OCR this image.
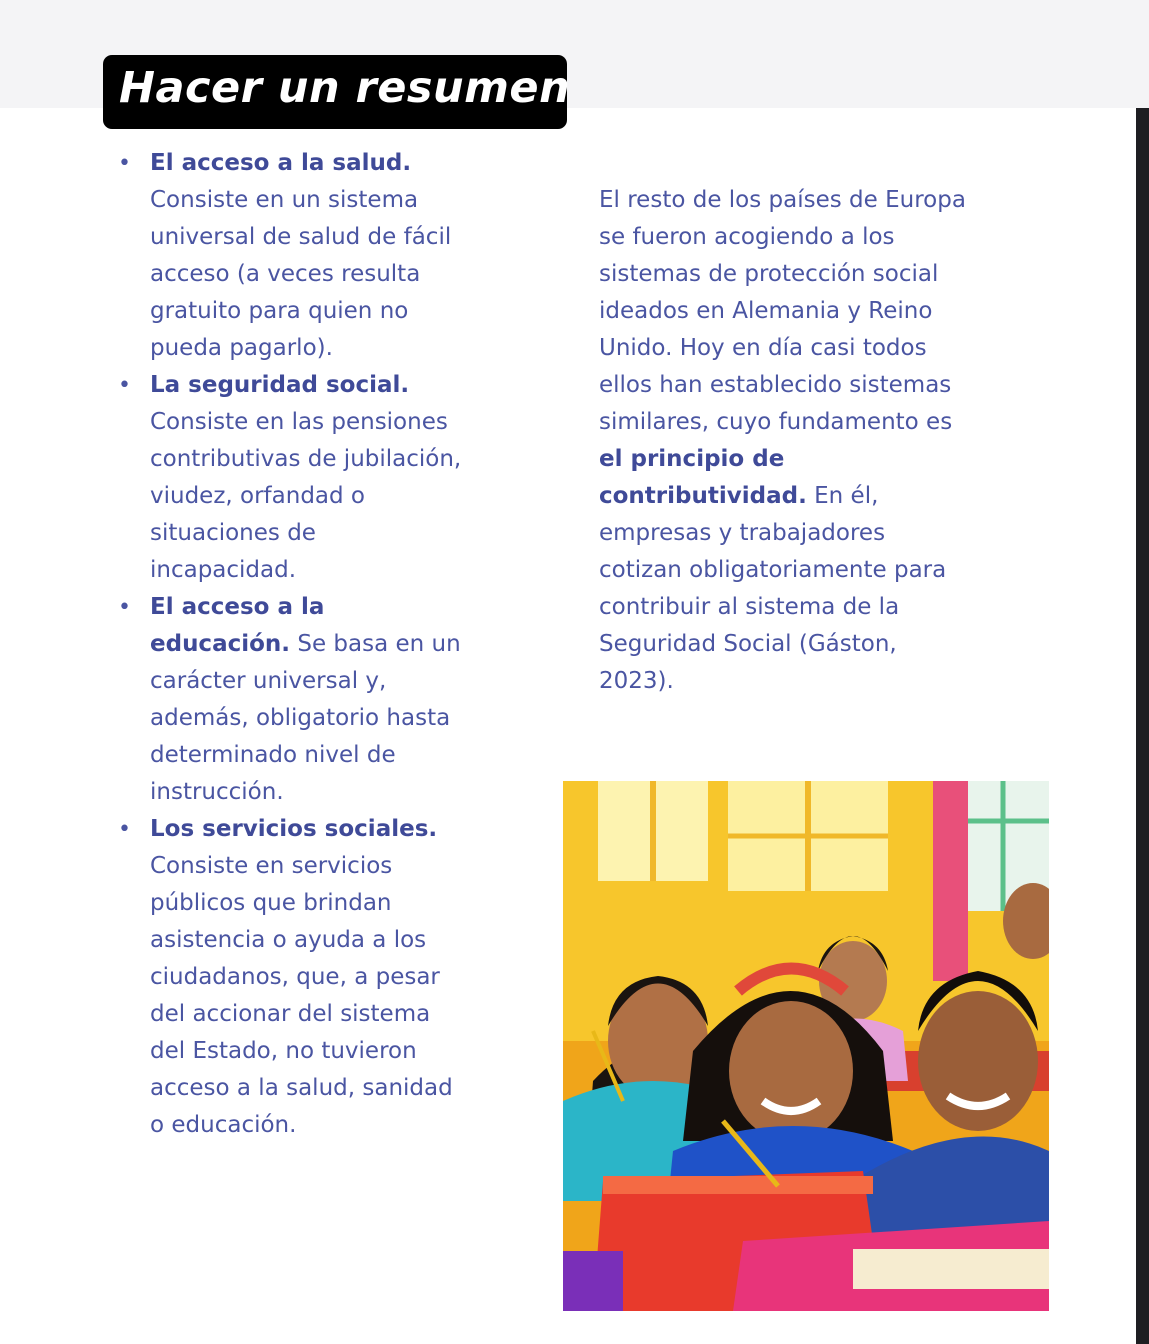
Hacer un resumen
• El acceso a la salud.
Consiste en un sistema
universal de salud de fácil
acceso (a veces resulta
gratuito para quien no
pueda pagarlo).
• La seguridad social.
Consiste en las pensiones
contributivas de jubilación,
viudez, orfandad o
situaciones de
incapacidad.
• El acceso a la
educación. Se basa en un
carácter universal y,
además, obligatorio hasta
determinado nivel de
instrucción.
• Los servicios sociales.
Consiste en servicios
públicos que brindan
asistencia o ayuda a los
ciudadanos, que, a pesar
del accionar del sistema
del Estado, no tuvieron
acceso a la salud, sanidad
o educación.
El resto de los países de Europa
se fueron acogiendo a los
sistemas de protección social
ideados en Alemania y Reino
Unido. Hoy en día casi todos
ellos han establecido sistemas
similares, cuyo fundamento es
el principio de
contributividad. En él,
empresas y trabajadores
cotizan obligatoriamente para
contribuir al sistema de la
Seguridad Social (Gáston,
2023).
